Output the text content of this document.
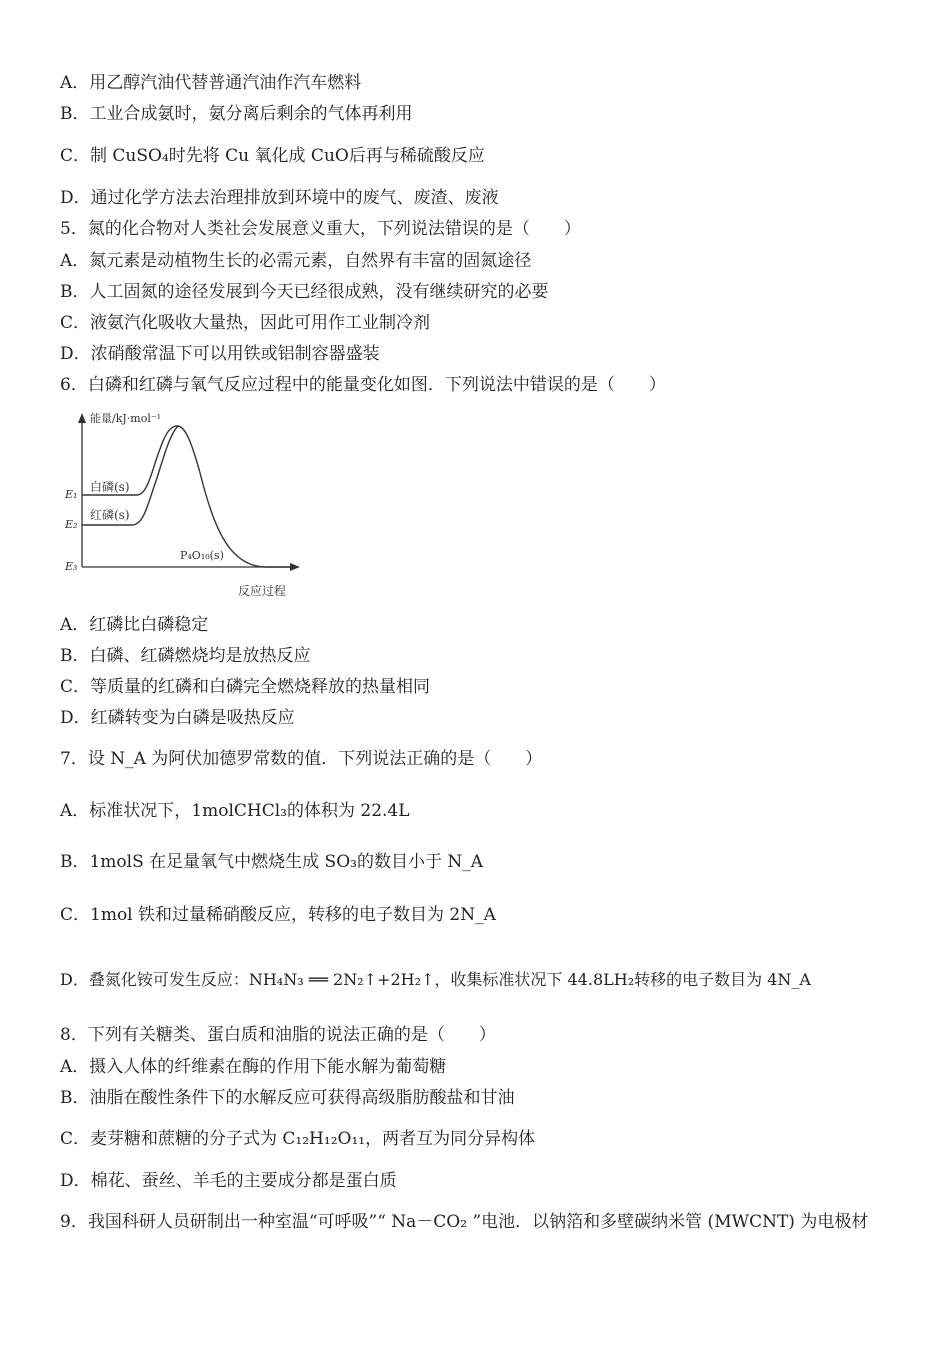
A．用乙醇汽油代替普通汽油作汽车燃料
B．工业合成氨时，氨分离后剩余的气体再利用
C．制 CuSO₄时先将 Cu 氧化成 CuO后再与稀硫酸反应
D．通过化学方法去治理排放到环境中的废气、废渣、废液
5．氮的化合物对人类社会发展意义重大，下列说法错误的是（　　）
A．氮元素是动植物生长的必需元素，自然界有丰富的固氮途径
B．人工固氮的途径发展到今天已经很成熟，没有继续研究的必要
C．液氨汽化吸收大量热，因此可用作工业制冷剂
D．浓硝酸常温下可以用铁或铝制容器盛装
6．白磷和红磷与氧气反应过程中的能量变化如图．下列说法中错误的是（　　）
能量/kJ·mol⁻¹
反应过程
E₁
E₂
E₃
白磷(s)
红磷(s)
P₄O₁₀(s)
A．红磷比白磷稳定
B．白磷、红磷燃烧均是放热反应
C．等质量的红磷和白磷完全燃烧释放的热量相同
D．红磷转变为白磷是吸热反应
7．设 N_A 为阿伏加德罗常数的值．下列说法正确的是（　　）
A．标准状况下，1molCHCl₃的体积为 22.4L
B．1molS 在足量氧气中燃烧生成 SO₃的数目小于 N_A
C．1mol 铁和过量稀硝酸反应，转移的电子数目为 2N_A
D．叠氮化铵可发生反应：NH₄N₃ ══ 2N₂↑+2H₂↑，收集标准状况下 44.8LH₂转移的电子数目为 4N_A
8．下列有关糖类、蛋白质和油脂的说法正确的是（　　）
A．摄入人体的纤维素在酶的作用下能水解为葡萄糖
B．油脂在酸性条件下的水解反应可获得高级脂肪酸盐和甘油
C．麦芽糖和蔗糖的分子式为 C₁₂H₁₂O₁₁，两者互为同分异构体
D．棉花、蚕丝、羊毛的主要成分都是蛋白质
9．我国科研人员研制出一种室温“可呼吸”“ Na－CO₂ ”电池．以钠箔和多壁碳纳米管 (MWCNT) 为电极材
